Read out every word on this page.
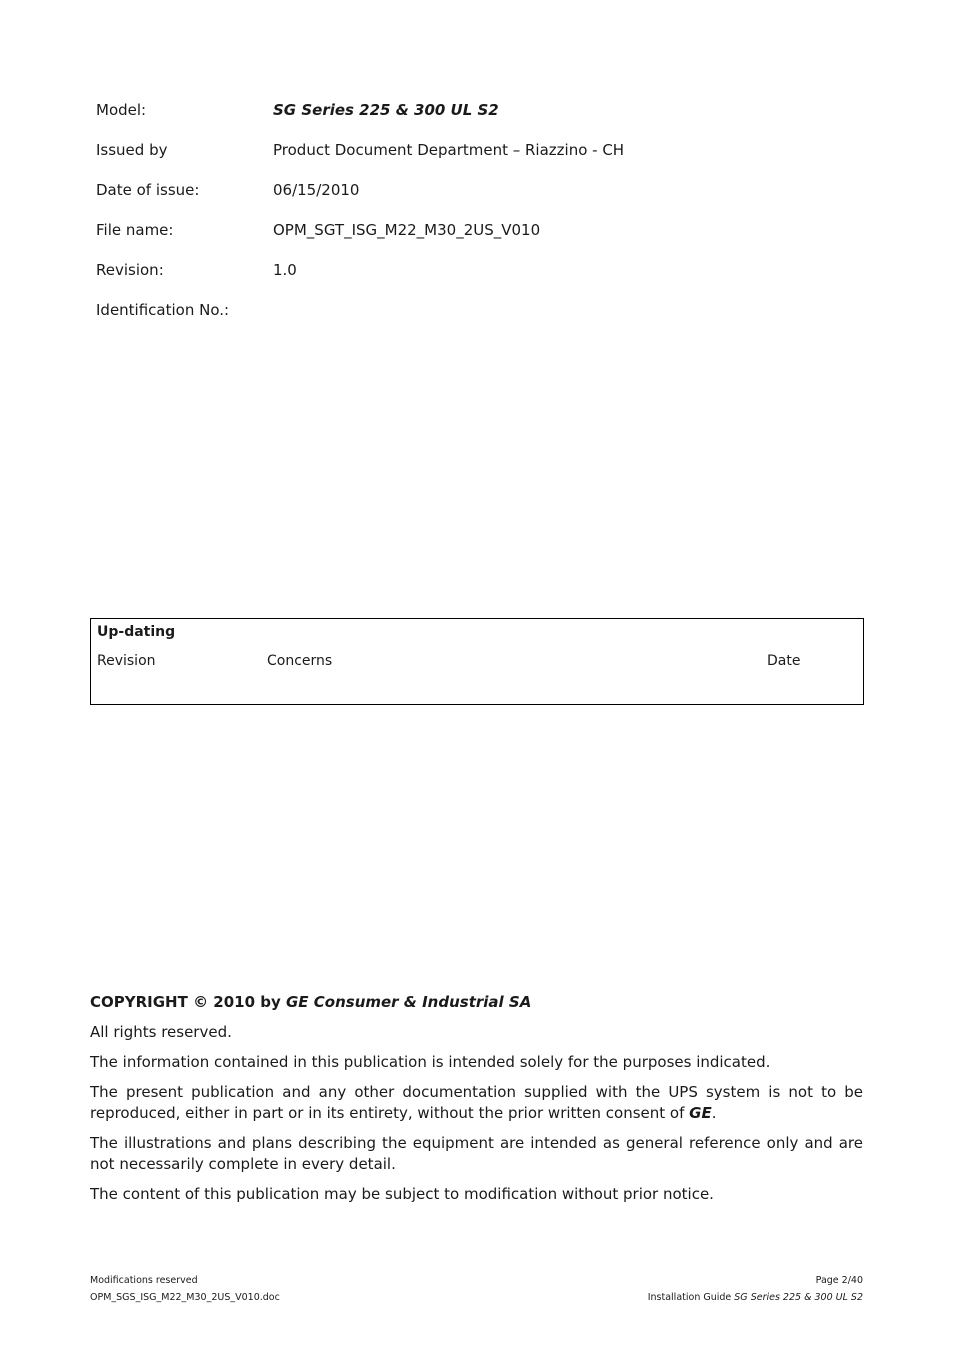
Model:	SG Series 225 & 300 UL S2
Issued by	Product Document Department – Riazzino - CH
Date of issue:	06/15/2010
File name:	OPM_SGT_ISG_M22_M30_2US_V010
Revision:	1.0
Identification No.:
Up-dating
Revision	Concerns	Date
COPYRIGHT © 2010 by GE Consumer & Industrial SA

All rights reserved.

The information contained in this publication is intended solely for the purposes indicated.

The present publication and any other documentation supplied with the UPS system is not to be reproduced, either in part or in its entirety, without the prior written consent of GE.

The illustrations and plans describing the equipment are intended as general reference only and are not necessarily complete in every detail.

The content of this publication may be subject to modification without prior notice.

Modifications reserved
OPM_SGS_ISG_M22_M30_2US_V010.doc
Page 2/40
Installation Guide SG Series 225 & 300 UL S2
